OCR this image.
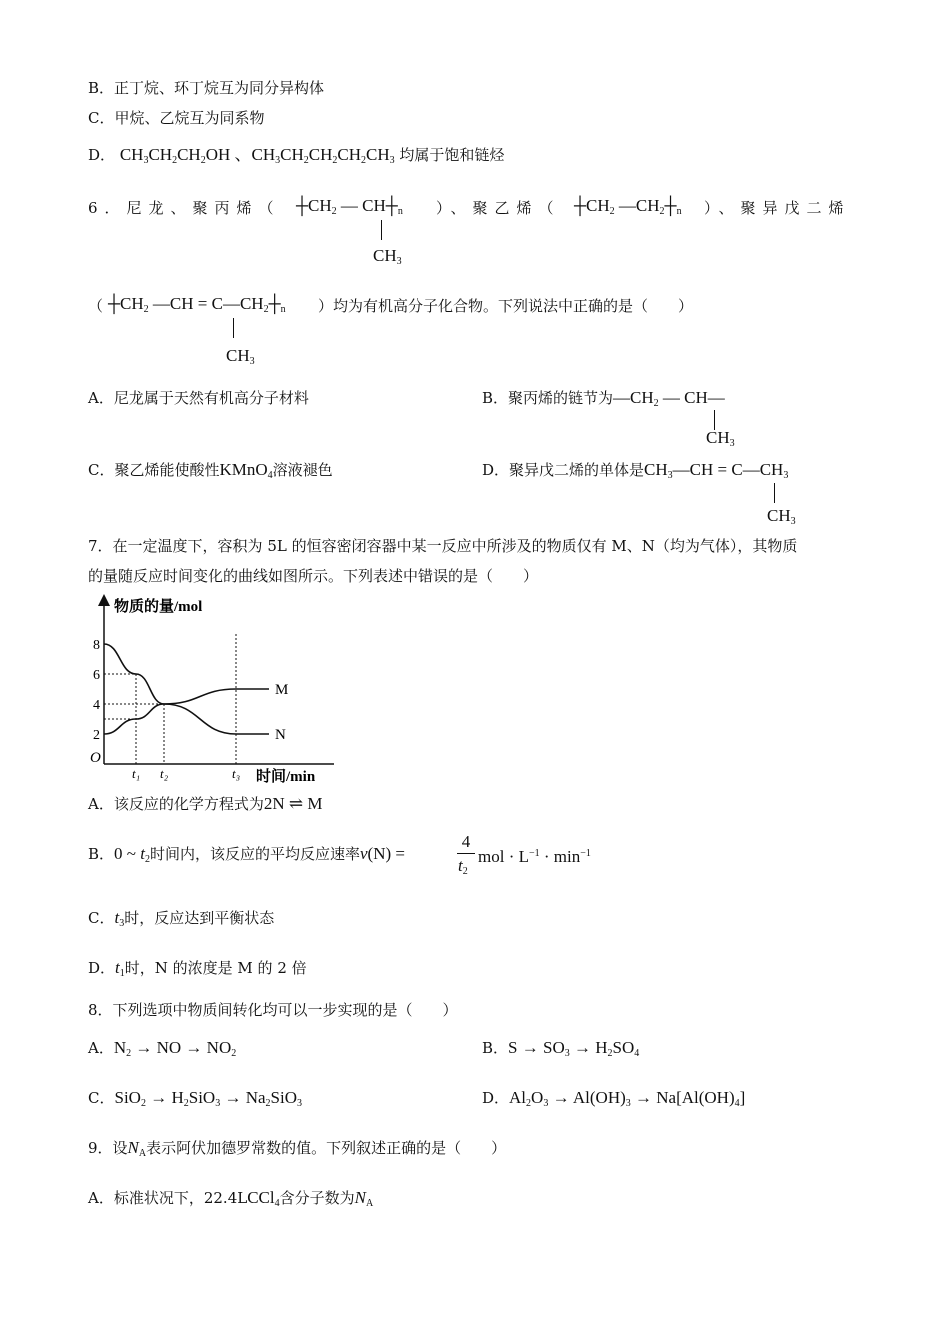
B．正丁烷、环丁烷互为同分异构体
C．甲烷、乙烷互为同系物
D． $CH_3CH_2CH_2OH$ 、$CH_3CH_2CH_2CH_2CH_3$ 均属于饱和链烃
6．尼龙、聚丙烯（ $┼CH_2$ — $CH┼_n$
$CH_3$
）、聚乙烯（ $┼CH_2$ $—CH_2┼_n$ ）、聚异戊二烯
（ $┼CH_2$ —CH = $C—CH_2┼_n$
$CH_3$
）均为有机高分子化合物。下列说法中正确的是（　　）
A．尼龙属于天然有机高分子材料	B．聚丙烯的链节为$—CH_2$ — CH—
$CH_3$
C．聚乙烯能使酸性KMnO$_4$溶液褪色	D．聚异戊二烯的单体是$CH_3—CH$ = $C—CH_3$
$CH_3$
7．在一定温度下，容积为 5L 的恒容密闭容器中某一反应中所涉及的物质仅有 M、N（均为气体），其物质
的量随反应时间变化的曲线如图所示。下列表述中错误的是（　　）
物质的量/mol
时间/min
O
8
6
4
2
t₁ t₂	t₃
M
N
A．该反应的化学方程式为2N ⇌ M
B．0 ~ $t_2$时间内，该反应的平均反应速率v(N) =
4
$t_2$
mol · $L^{-1} \cdot \min^{-1}$
C．$t_3$时，反应达到平衡状态
D．$t_1$时，N 的浓度是 M 的 2 倍
8．下列选项中物质间转化均可以一步实现的是（　　）
A．$N_2$ → NO → $NO_2$	B．$S \to SO_3 \to H_2SO_4$
C．$SiO_2 \to H_2SiO_3 \to Na_2SiO_3$	D．$Al_2O_3 \to Al(OH)_3 \to Na[Al(OH)_4]$
9．设$N_A$表示阿伏加德罗常数的值。下列叙述正确的是（　　）
A．标准状况下，22.4LCCl$_4$含分子数为$N_A$
